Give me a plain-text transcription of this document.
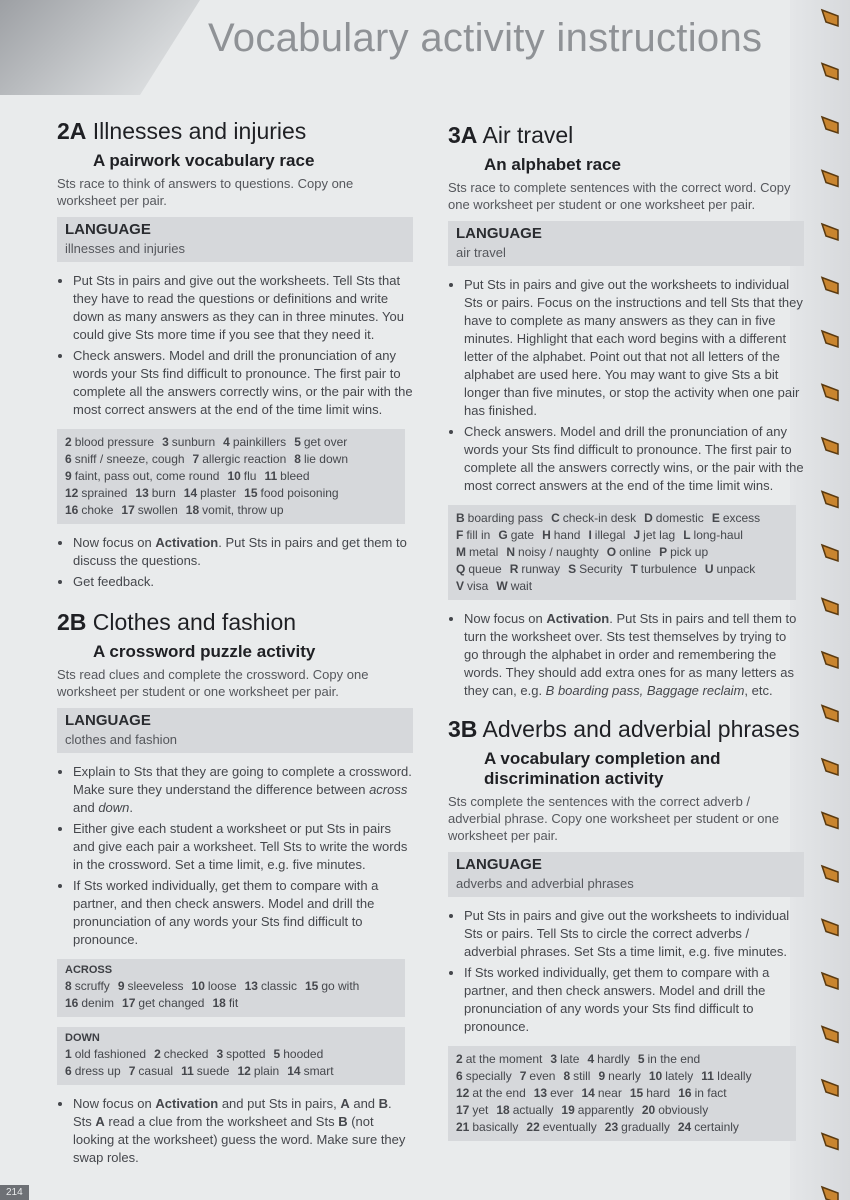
Vocabulary activity instructions
2A Illnesses and injuries
A pairwork vocabulary race

Sts race to think of answers to questions. Copy one worksheet per pair.

LANGUAGE
illnesses and injuries
• Put Sts in pairs and give out the worksheets. Tell Sts that they have to read the questions or definitions and write down as many answers as they can in three minutes. You could give Sts more time if you see that they need it.
• Check answers. Model and drill the pronunciation of any words your Sts find difficult to pronounce. The first pair to complete all the answers correctly wins, or the pair with the most correct answers at the end of the time limit wins.
2 blood pressure 3 sunburn 4 painkillers 5 get over
6 sniff / sneeze, cough 7 allergic reaction 8 lie down
9 faint, pass out, come round 10 flu 11 bleed
12 sprained 13 burn 14 plaster 15 food poisoning
16 choke 17 swollen 18 vomit, throw up
• Now focus on Activation. Put Sts in pairs and get them to discuss the questions.
• Get feedback.
2B Clothes and fashion
A crossword puzzle activity

Sts read clues and complete the crossword. Copy one worksheet per student or one worksheet per pair.

LANGUAGE
clothes and fashion
• Explain to Sts that they are going to complete a crossword. Make sure they understand the difference between across and down.
• Either give each student a worksheet or put Sts in pairs and give each pair a worksheet. Tell Sts to write the words in the crossword. Set a time limit, e.g. five minutes.
• If Sts worked individually, get them to compare with a partner, and then check answers. Model and drill the pronunciation of any words your Sts find difficult to pronounce.
ACROSS
8 scruffy 9 sleeveless 10 loose 13 classic 15 go with
16 denim 17 get changed 18 fit
DOWN
1 old fashioned 2 checked 3 spotted 5 hooded
6 dress up 7 casual 11 suede 12 plain 14 smart
• Now focus on Activation and put Sts in pairs, A and B. Sts A read a clue from the worksheet and Sts B (not looking at the worksheet) guess the word. Make sure they swap roles.
3A Air travel
An alphabet race

Sts race to complete sentences with the correct word. Copy one worksheet per student or one worksheet per pair.

LANGUAGE
air travel
• Put Sts in pairs and give out the worksheets to individual Sts or pairs. Focus on the instructions and tell Sts that they have to complete as many answers as they can in five minutes. Highlight that each word begins with a different letter of the alphabet. Point out that not all letters of the alphabet are used here. You may want to give Sts a bit longer than five minutes, or stop the activity when one pair has finished.
• Check answers. Model and drill the pronunciation of any words your Sts find difficult to pronounce. The first pair to complete all the answers correctly wins, or the pair with the most correct answers at the end of the time limit wins.
B boarding pass C check-in desk D domestic E excess
F fill in G gate H hand I illegal J jet lag L long-haul
M metal N noisy / naughty O online P pick up
Q queue R runway S Security T turbulence U unpack
V visa W wait
• Now focus on Activation. Put Sts in pairs and tell them to turn the worksheet over. Sts test themselves by trying to go through the alphabet in order and remembering the words. They should add extra ones for as many letters as they can, e.g. B boarding pass, Baggage reclaim, etc.
3B Adverbs and adverbial phrases
A vocabulary completion and discrimination activity

Sts complete the sentences with the correct adverb / adverbial phrase. Copy one worksheet per student or one worksheet per pair.

LANGUAGE
adverbs and adverbial phrases
• Put Sts in pairs and give out the worksheets to individual Sts or pairs. Tell Sts to circle the correct adverbs / adverbial phrases. Set Sts a time limit, e.g. five minutes.
• If Sts worked individually, get them to compare with a partner, and then check answers. Model and drill the pronunciation of any words your Sts find difficult to pronounce.
2 at the moment 3 late 4 hardly 5 in the end
6 specially 7 even 8 still 9 nearly 10 lately 11 Ideally
12 at the end 13 ever 14 near 15 hard 16 in fact
17 yet 18 actually 19 apparently 20 obviously
21 basically 22 eventually 23 gradually 24 certainly
214
